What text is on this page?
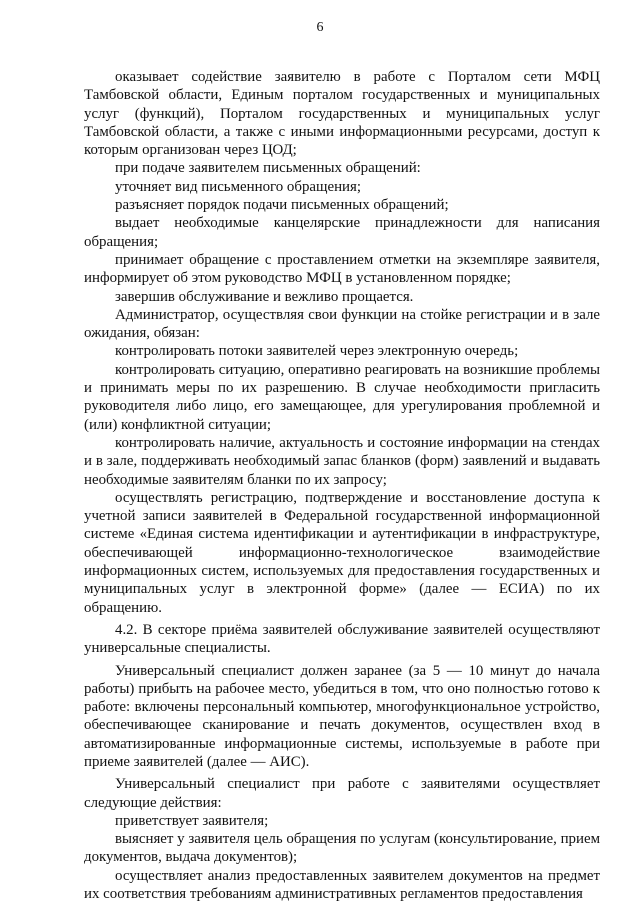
6

оказывает содействие заявителю в работе с Порталом сети МФЦ Тамбовской области, Единым порталом государственных и муниципальных услуг (функций), Порталом государственных и муниципальных услуг Тамбовской области, а также с иными информационными ресурсами, доступ к которым организован через ЦОД;

при подаче заявителем письменных обращений:

уточняет вид письменного обращения;

разъясняет порядок подачи письменных обращений;

выдает необходимые канцелярские принадлежности для написания обращения;

принимает обращение с проставлением отметки на экземпляре заявителя, информирует об этом руководство МФЦ в установленном порядке;

завершив обслуживание и вежливо прощается.

Администратор, осуществляя свои функции на стойке регистрации и в зале ожидания, обязан:

контролировать потоки заявителей через электронную очередь;

контролировать ситуацию, оперативно реагировать на возникшие проблемы и принимать меры по их разрешению. В случае необходимости пригласить руководителя либо лицо, его замещающее, для урегулирования проблемной и (или) конфликтной ситуации;

контролировать наличие, актуальность и состояние информации на стендах и в зале, поддерживать необходимый запас бланков (форм) заявлений и выдавать необходимые заявителям бланки по их запросу;

осуществлять регистрацию, подтверждение и восстановление доступа к учетной записи заявителей в Федеральной государственной информационной системе «Единая система идентификации и аутентификации в инфраструктуре, обеспечивающей информационно-технологическое взаимодействие информационных систем, используемых для предоставления государственных и муниципальных услуг в электронной форме» (далее — ЕСИА) по их обращению.

4.2. В секторе приёма заявителей обслуживание заявителей осуществляют универсальные специалисты.

Универсальный специалист должен заранее (за 5 — 10 минут до начала работы) прибыть на рабочее место, убедиться в том, что оно полностью готово к работе: включены персональный компьютер, многофункциональное устройство, обеспечивающее сканирование и печать документов, осуществлен вход в автоматизированные информационные системы, используемые в работе при приеме заявителей (далее — АИС).

Универсальный специалист при работе с заявителями осуществляет следующие действия:

приветствует заявителя;

выясняет у заявителя цель обращения по услугам (консультирование, прием документов, выдача документов);

осуществляет анализ предоставленных заявителем документов на предмет их соответствия требованиям административных регламентов предоставления
